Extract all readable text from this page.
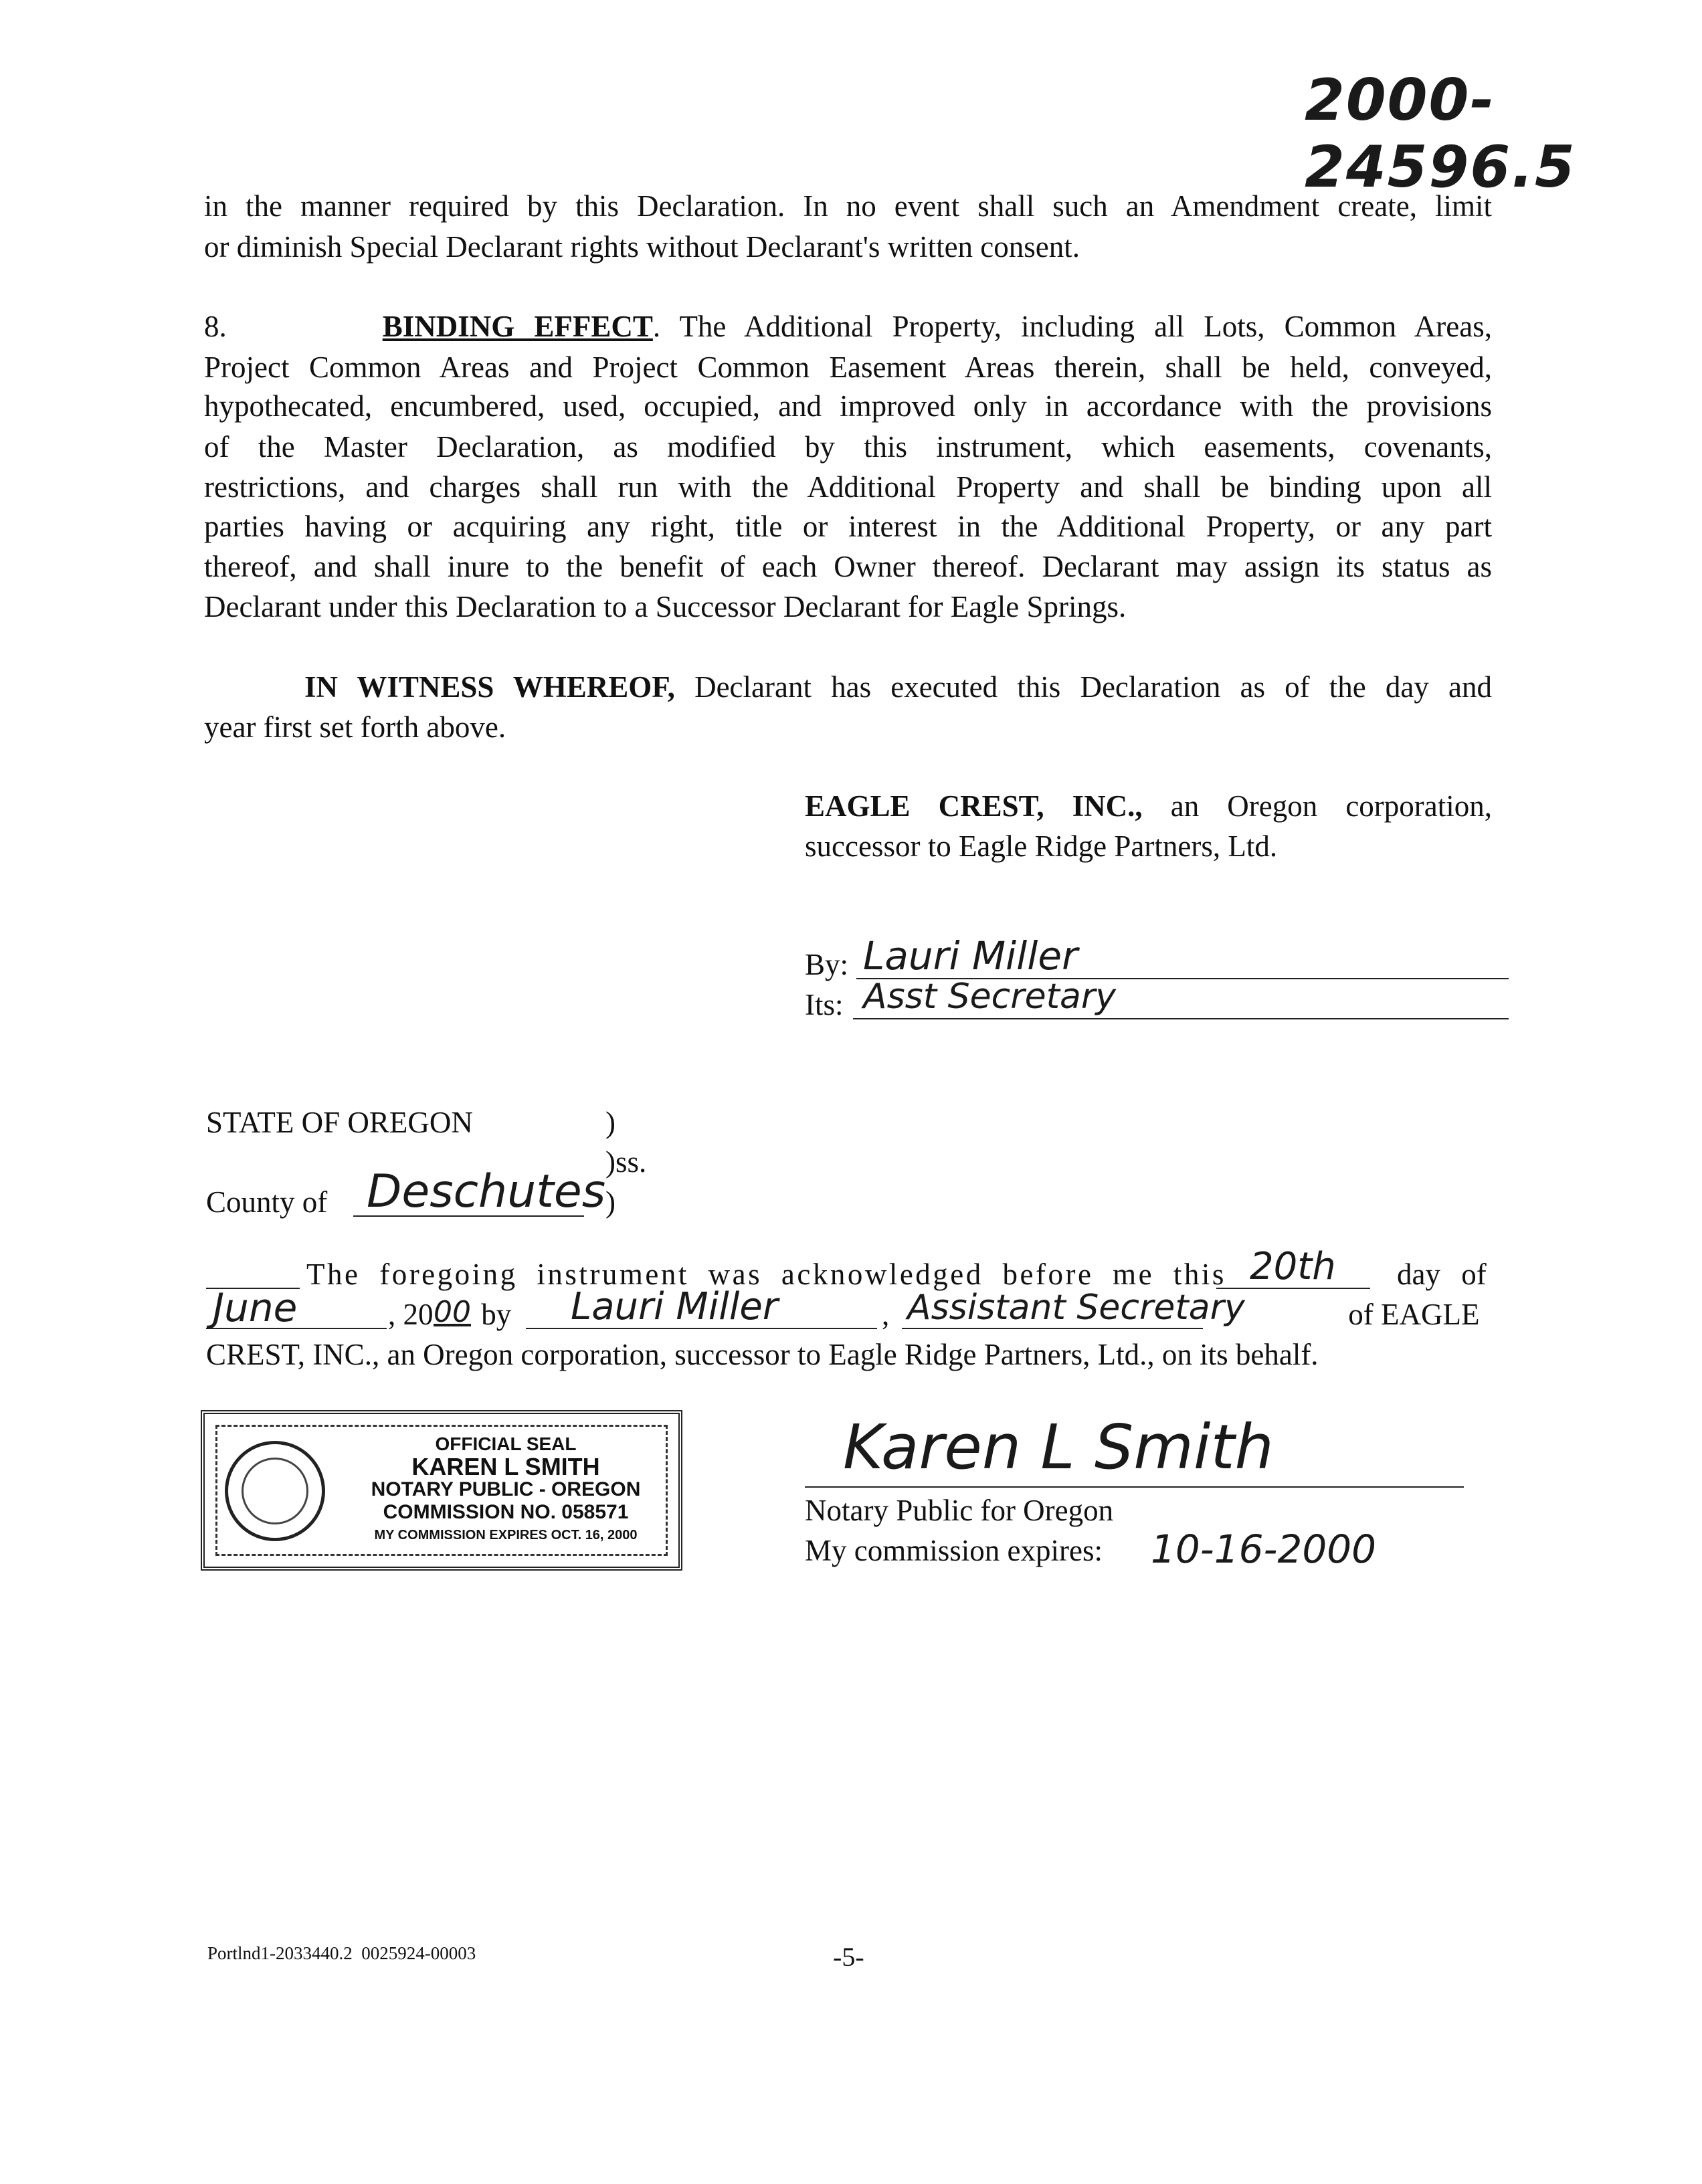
2000-24596.5
in the manner required by this Declaration. In no event shall such an Amendment create, limit
or diminish Special Declarant rights without Declarant's written consent.
8.	BINDING EFFECT. The Additional Property, including all Lots, Common Areas,
Project Common Areas and Project Common Easement Areas therein, shall be held, conveyed,
hypothecated, encumbered, used, occupied, and improved only in accordance with the provisions
of the Master Declaration, as modified by this instrument, which easements, covenants,
restrictions, and charges shall run with the Additional Property and shall be binding upon all
parties having or acquiring any right, title or interest in the Additional Property, or any part
thereof, and shall inure to the benefit of each Owner thereof. Declarant may assign its status as
Declarant under this Declaration to a Successor Declarant for Eagle Springs.
IN WITNESS WHEREOF, Declarant has executed this Declaration as of the day and
year first set forth above.
EAGLE CREST, INC., an Oregon corporation,
successor to Eagle Ridge Partners, Ltd.
By: Lauri Miller
Its: Asst Secretary
STATE OF OREGON	)
)ss.
County of Deschutes )
The foregoing instrument was acknowledged before me this 20th day of
June	, 20 00 by Lauri Miller	, Assistant Secretary	of EAGLE
CREST, INC., an Oregon corporation, successor to Eagle Ridge Partners, Ltd., on its behalf.
OFFICIAL SEAL
KAREN L SMITH
NOTARY PUBLIC - OREGON
COMMISSION NO. 058571
MY COMMISSION EXPIRES OCT. 16, 2000
Karen L Smith
Notary Public for Oregon
My commission expires: 10-16-2000
Portlnd1-2033440.2  0025924-00003	-5-
